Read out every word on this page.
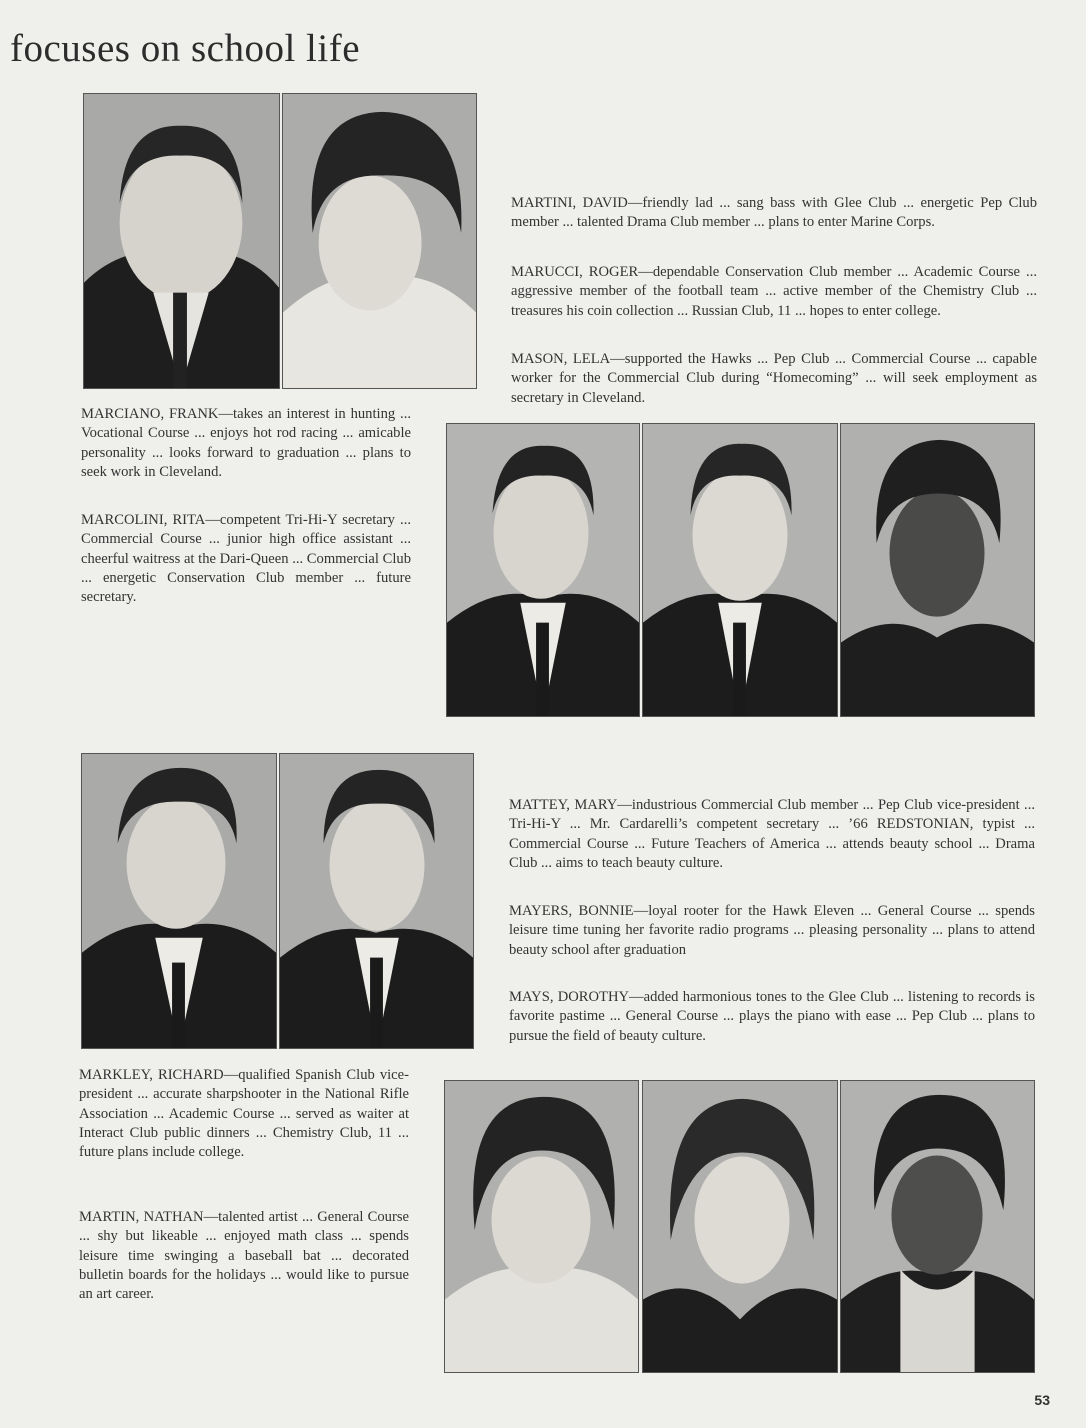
focuses on school life

MARCIANO, FRANK—takes an interest in hunting ... Vocational Course ... enjoys hot rod racing ... amicable personality ... looks forward to graduation ... plans to seek work in Cleveland.

MARCOLINI, RITA—competent Tri-Hi-Y secretary ... Commercial Course ... junior high office assistant ... cheerful waitress at the Dari-Queen ... Commercial Club ... energetic Conservation Club member ... future secretary.

MARTINI, DAVID—friendly lad ... sang bass with Glee Club ... energetic Pep Club member ... talented Drama Club member ... plans to enter Marine Corps.

MARUCCI, ROGER—dependable Conservation Club member ... Academic Course ... aggressive member of the football team ... active member of the Chemistry Club ... treasures his coin collection ... Russian Club, 11 ... hopes to enter college.

MASON, LELA—supported the Hawks ... Pep Club ... Commercial Course ... capable worker for the Commercial Club during “Homecoming” ... will seek employment as secretary in Cleveland.

MARKLEY, RICHARD—qualified Spanish Club vice-president ... accurate sharpshooter in the National Rifle Association ... Academic Course ... served as waiter at Interact Club public dinners ... Chemistry Club, 11 ... future plans include college.

MARTIN, NATHAN—talented artist ... General Course ... shy but likeable ... enjoyed math class ... spends leisure time swinging a baseball bat ... decorated bulletin boards for the holidays ... would like to pursue an art career.

MATTEY, MARY—industrious Commercial Club member ... Pep Club vice-president ... Tri-Hi-Y ... Mr. Cardarelli’s competent secretary ... ’66 REDSTONIAN, typist ... Commercial Course ... Future Teachers of America ... attends beauty school ... Drama Club ... aims to teach beauty culture.

MAYERS, BONNIE—loyal rooter for the Hawk Eleven ... General Course ... spends leisure time tuning her favorite radio programs ... pleasing personality ... plans to attend beauty school after graduation

MAYS, DOROTHY—added harmonious tones to the Glee Club ... listening to records is favorite pastime ... General Course ... plays the piano with ease ... Pep Club ... plans to pursue the field of beauty culture.

53
